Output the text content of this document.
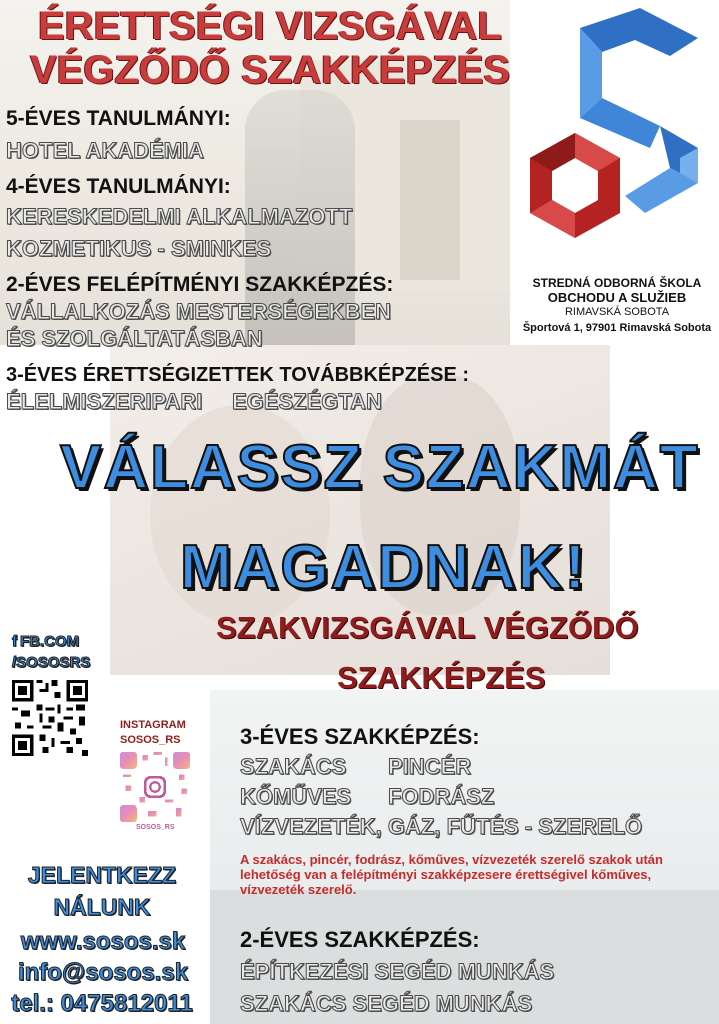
ÉRETTSÉGI VIZSGÁVAL
VÉGZŐDŐ SZAKKÉPZÉS
5-ÉVES TANULMÁNYI:
HOTEL AKADÉMIA
4-ÉVES TANULMÁNYI:
KERESKEDELMI ALKALMAZOTT
KOZMETIKUS - SMINKES
2-ÉVES FELÉPÍTMÉNYI SZAKKÉPZÉS:
VÁLLALKOZÁS MESTERSÉGEKBEN
ÉS SZOLGÁLTATÁSBAN
3-ÉVES ÉRETTSÉGIZETTEK TOVÁBBKÉPZÉSE :
ÉLELMISZERIPARI EGÉSZÉGTAN
STREDNÁ ODBORNÁ ŠKOLA
OBCHODU A SLUŽIEB
RIMAVSKÁ SOBOTA
Športová 1, 97901 Rimavská Sobota
VÁLASSZ SZAKMÁT
MAGADNAK!
f FB.COM
/SOSOSRS
INSTAGRAM
SOSOS_RS
SOSOS_RS
SZAKVIZSGÁVAL VÉGZŐDŐ
SZAKKÉPZÉS
3-ÉVES SZAKKÉPZÉS:
SZAKÁCS PINCÉR
KŐMŰVES FODRÁSZ
VÍZVEZETÉK, GÁZ, FŰTÉS - SZERELŐ
A szakács, pincér, fodrász, kőműves, vízvezeték szerelő szakok után lehetőség van a felépítményi szakképzesere érettségivel kőműves, vízvezeték szerelő.
2-ÉVES SZAKKÉPZÉS:
ÉPÍTKEZÉSI SEGÉD MUNKÁS
SZAKÁCS SEGÉD MUNKÁS
JELENTKEZZ
NÁLUNK
www.sosos.sk
info@sosos.sk
tel.: 0475812011
